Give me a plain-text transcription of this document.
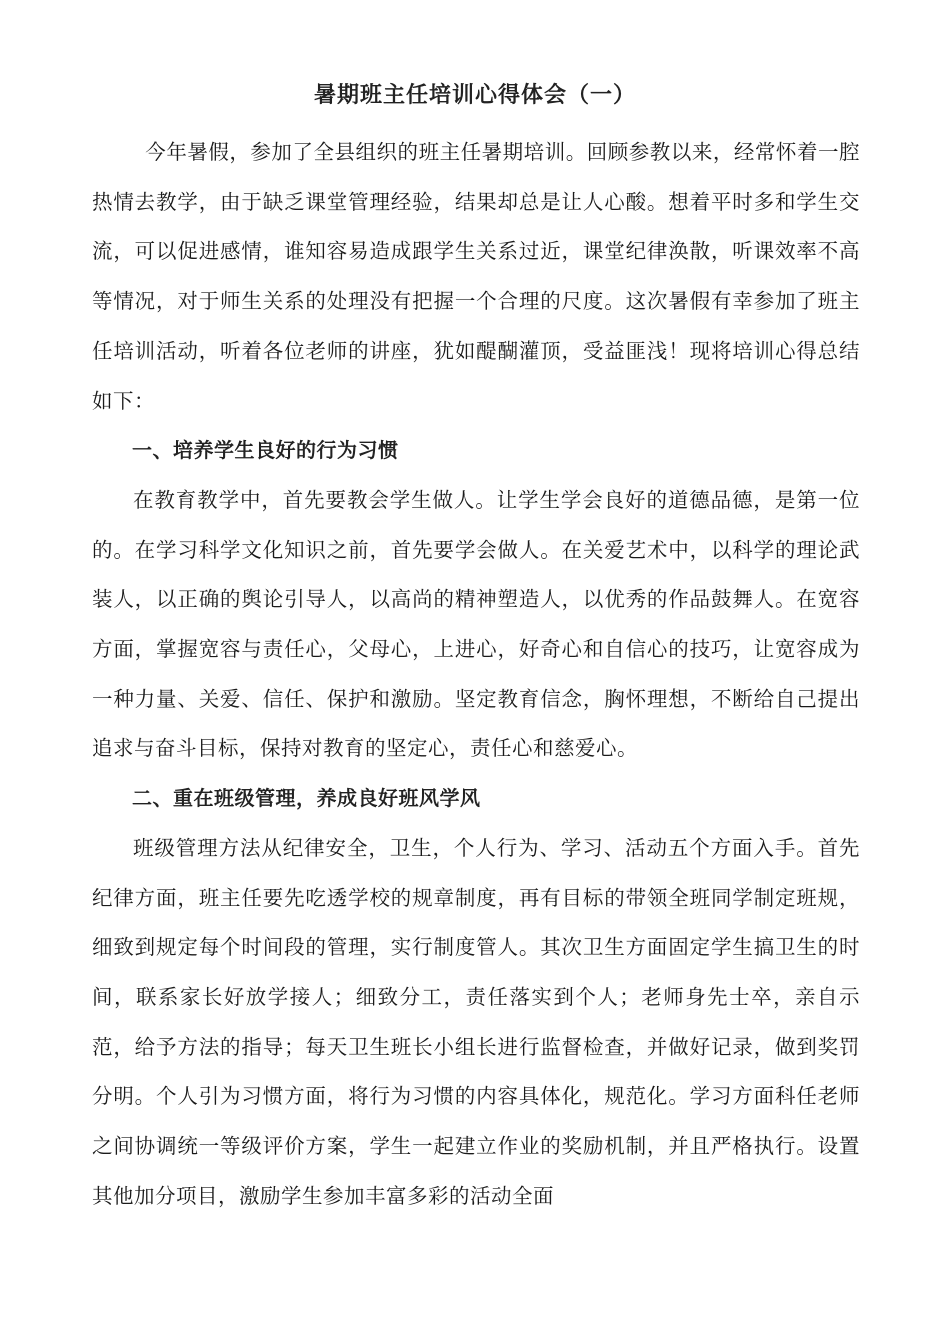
暑期班主任培训心得体会（一）

今年暑假，参加了全县组织的班主任暑期培训。回顾参教以来，经常怀着一腔热情去教学，由于缺乏课堂管理经验，结果却总是让人心酸。想着平时多和学生交流，可以促进感情，谁知容易造成跟学生关系过近，课堂纪律涣散，听课效率不高等情况，对于师生关系的处理没有把握一个合理的尺度。这次暑假有幸参加了班主任培训活动，听着各位老师的讲座，犹如醍醐灌顶，受益匪浅！现将培训心得总结如下：

一、培养学生良好的行为习惯

在教育教学中，首先要教会学生做人。让学生学会良好的道德品德，是第一位的。在学习科学文化知识之前，首先要学会做人。在关爱艺术中，以科学的理论武装人，以正确的舆论引导人，以高尚的精神塑造人，以优秀的作品鼓舞人。在宽容方面，掌握宽容与责任心，父母心，上进心，好奇心和自信心的技巧，让宽容成为一种力量、关爱、信任、保护和激励。坚定教育信念，胸怀理想，不断给自己提出追求与奋斗目标，保持对教育的坚定心，责任心和慈爱心。

二、重在班级管理，养成良好班风学风

班级管理方法从纪律安全，卫生，个人行为、学习、活动五个方面入手。首先纪律方面，班主任要先吃透学校的规章制度，再有目标的带领全班同学制定班规，细致到规定每个时间段的管理，实行制度管人。其次卫生方面固定学生搞卫生的时间，联系家长好放学接人；细致分工，责任落实到个人；老师身先士卒，亲自示范，给予方法的指导；每天卫生班长小组长进行监督检查，并做好记录，做到奖罚分明。个人引为习惯方面，将行为习惯的内容具体化，规范化。学习方面科任老师之间协调统一等级评价方案，学生一起建立作业的奖励机制，并且严格执行。设置其他加分项目，激励学生参加丰富多彩的活动全面
